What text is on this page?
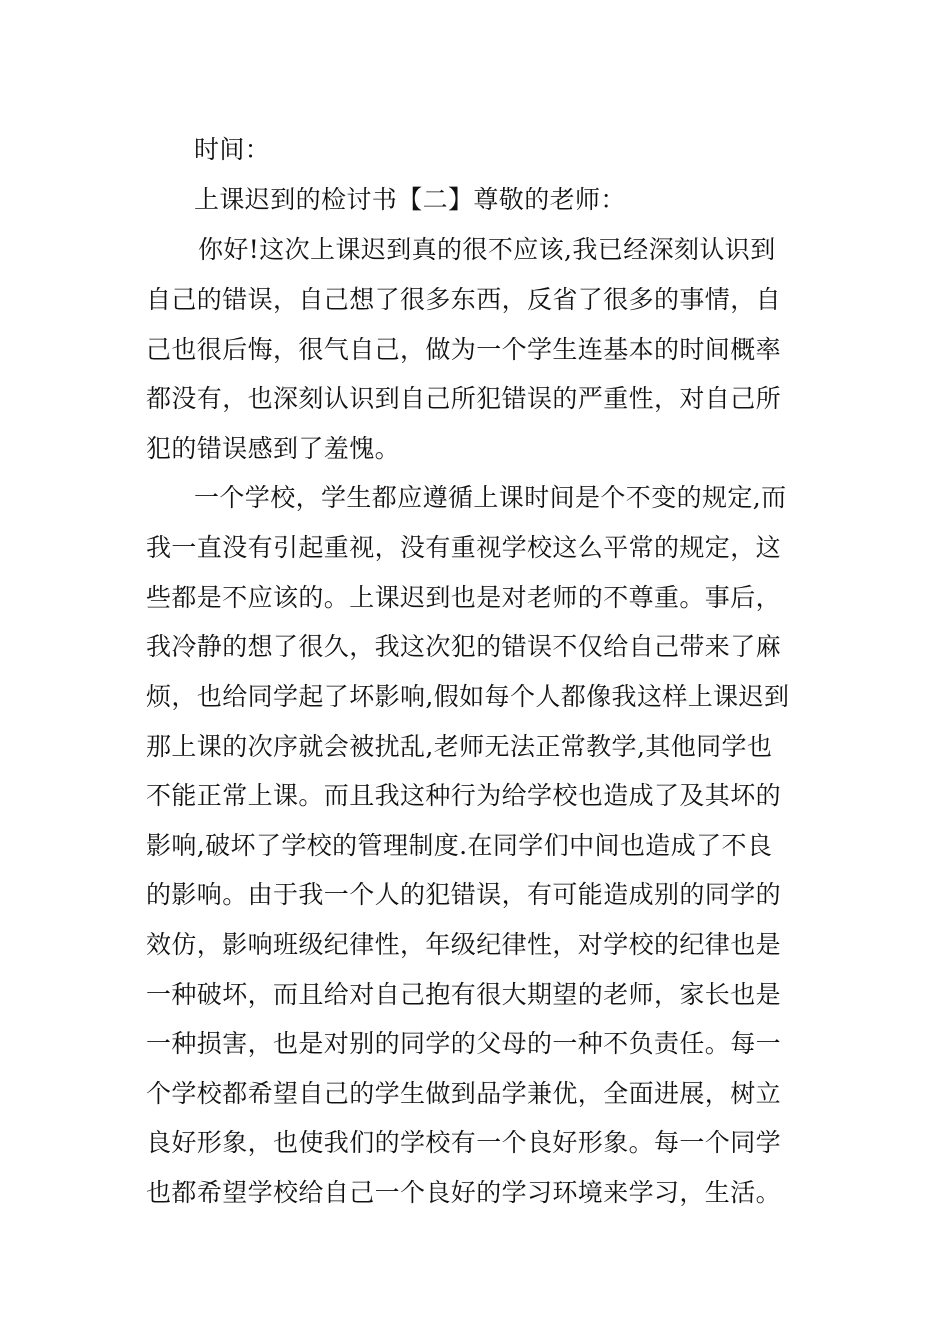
时间：
上课迟到的检讨书【二】尊敬的老师：
你好!这次上课迟到真的很不应该,我已经深刻认识到
自己的错误，自己想了很多东西，反省了很多的事情，自
己也很后悔，很气自己，做为一个学生连基本的时间概率
都没有，也深刻认识到自己所犯错误的严重性，对自己所
犯的错误感到了羞愧。
一个学校，学生都应遵循上课时间是个不变的规定,而
我一直没有引起重视，没有重视学校这么平常的规定，这
些都是不应该的。上课迟到也是对老师的不尊重。事后，
我冷静的想了很久，我这次犯的错误不仅给自己带来了麻
烦，也给同学起了坏影响,假如每个人都像我这样上课迟到
那上课的次序就会被扰乱,老师无法正常教学,其他同学也
不能正常上课。而且我这种行为给学校也造成了及其坏的
影响,破坏了学校的管理制度.在同学们中间也造成了不良
的影响。由于我一个人的犯错误，有可能造成别的同学的
效仿，影响班级纪律性，年级纪律性，对学校的纪律也是
一种破坏，而且给对自己抱有很大期望的老师，家长也是
一种损害，也是对别的同学的父母的一种不负责任。每一
个学校都希望自己的学生做到品学兼优，全面进展，树立
良好形象，也使我们的学校有一个良好形象。每一个同学
也都希望学校给自己一个良好的学习环境来学习，生活。
